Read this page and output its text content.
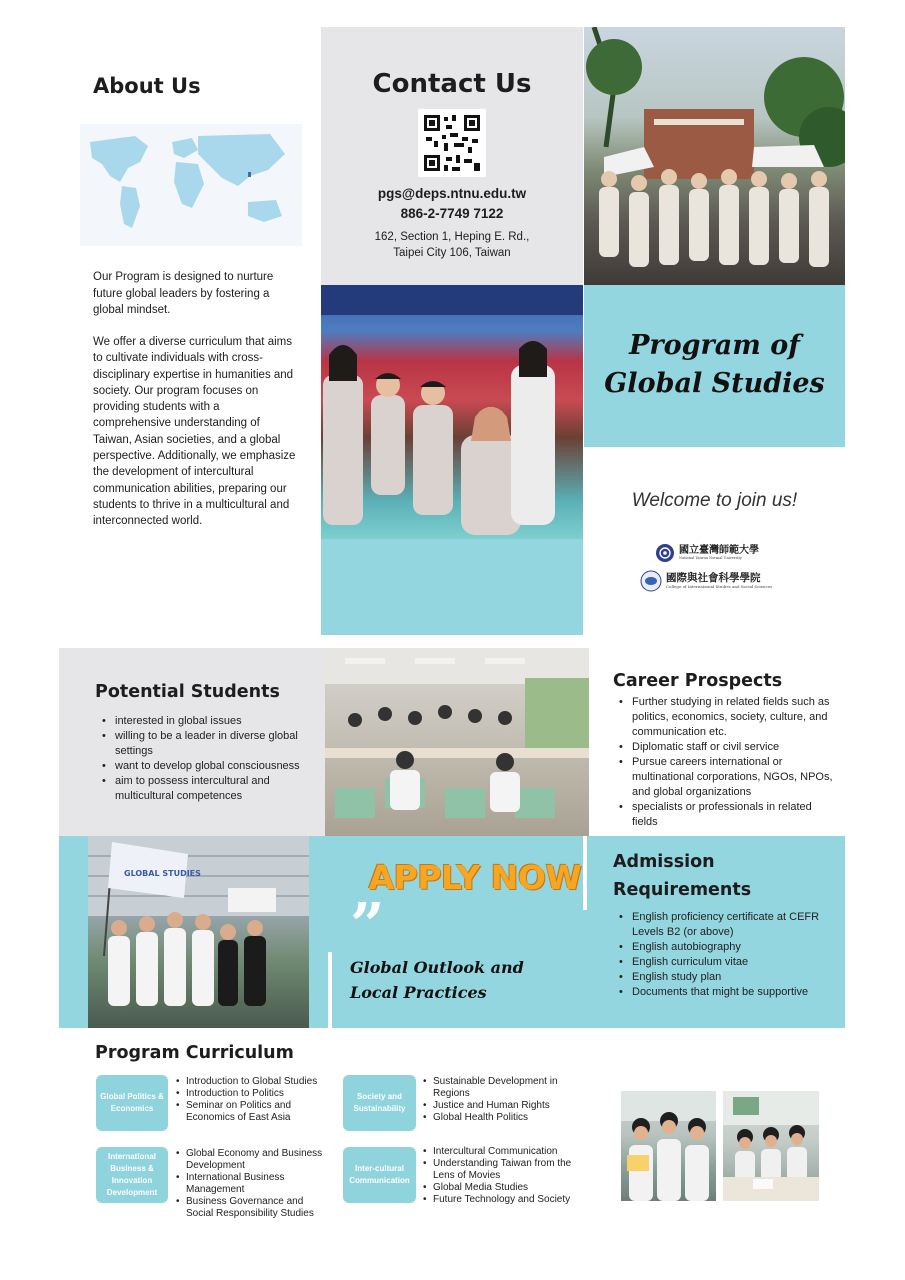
About Us

Our Program is designed to nurture future global leaders by fostering a global mindset.

We offer a diverse curriculum that aims to cultivate individuals with cross-disciplinary expertise in humanities and society. Our program focuses on providing students with a comprehensive understanding of Taiwan, Asian societies, and a global perspective. Additionally, we emphasize the development of intercultural communication abilities, preparing our students to thrive in a multicultural and interconnected world.

Contact Us
pgs@deps.ntnu.edu.tw
886-2-7749 7122
162, Section 1, Heping E. Rd.,
Taipei City 106, Taiwan
Program of
Global Studies
Welcome to join us!
國立臺灣師範大學
National Taiwan Normal University
國際與社會科學學院
College of International Studies and Social Sciences
Potential Students
• interested in global issues
• willing to be a leader in diverse global settings
• want to develop global consciousness
• aim to possess intercultural and multicultural competences
Career Prospects
• Further studying in related fields such as politics, economics, society, culture, and communication etc.
• Diplomatic staff or civil service
• Pursue careers international or multinational corporations, NGOs, NPOs, and global organizations
• specialists or professionals in related fields
GLOBAL STUDIES	APPLY NOW
”
Global Outlook and
Local Practices
Admission
Requirements
• English proficiency certificate at CEFR Levels B2 (or above)
• English autobiography
• English curriculum vitae
• English study plan
• Documents that might be supportive
Program Curriculum
Global Politics & Economics
• Introduction to Global Studies
• Introduction to Politics
• Seminar on Politics and Economics of East Asia
International Business & Innovation Development
• Global Economy and Business Development
• International Business Management
• Business Governance and Social Responsibility Studies
Society and Sustainability
• Sustainable Development in Regions
• Justice and Human Rights
• Global Health Politics
Inter-cultural Communication
• Intercultural Communication
• Understanding Taiwan from the Lens of Movies
• Global Media Studies
• Future Technology and Society
